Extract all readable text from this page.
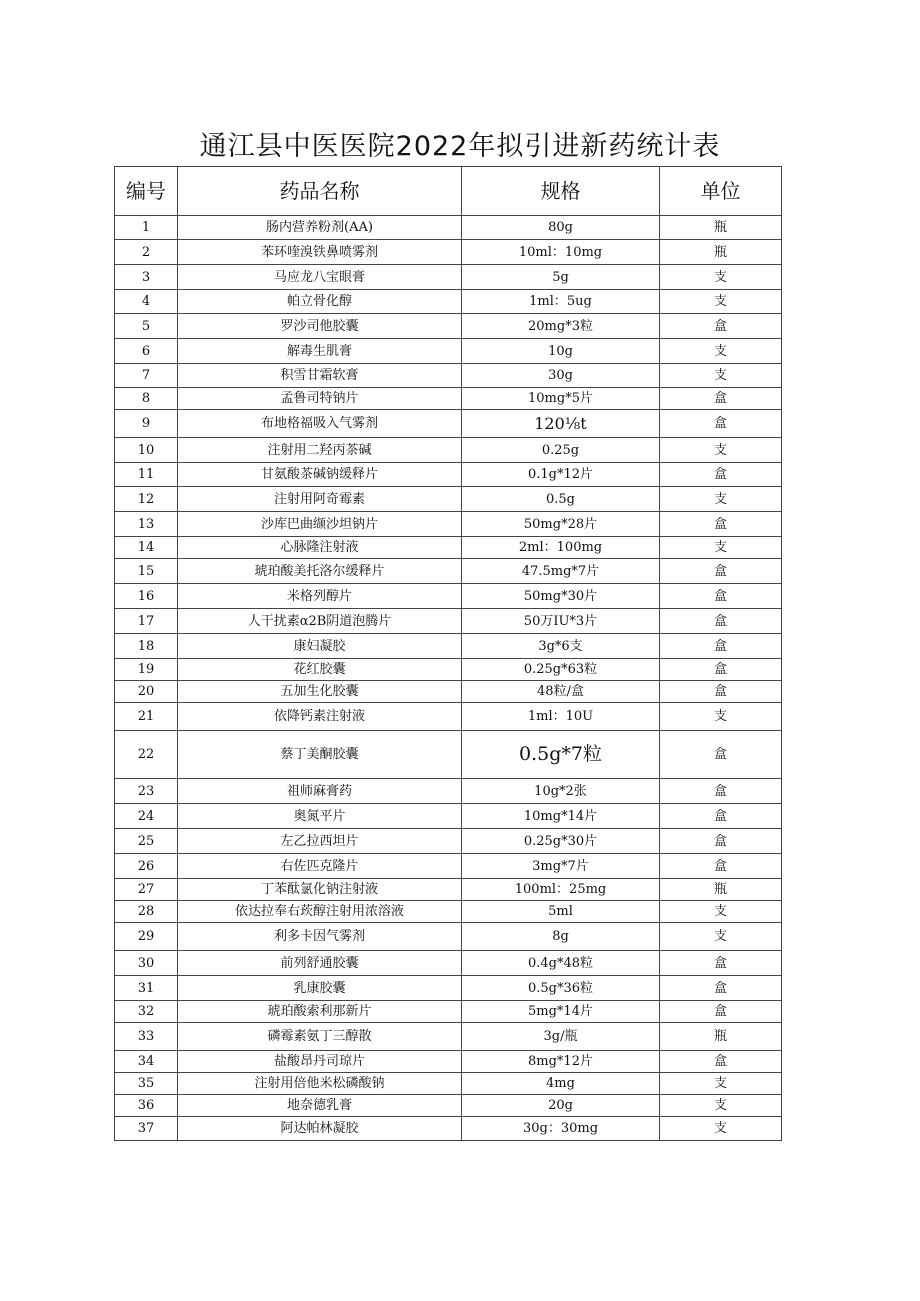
通江县中医医院2022年拟引进新药统计表
编号	药品名称	规格	单位
1	肠内营养粉剂(AA)	80g	瓶
2	苯环喹溴铁鼻喷雾剂	10ml：10mg	瓶
3	马应龙八宝眼膏	5g	支
4	帕立骨化醇	1ml：5ug	支
5	罗沙司他胶囊	20mg*3粒	盒
6	解毒生肌膏	10g	支
7	积雪甘霜软膏	30g	支
8	孟鲁司特钠片	10mg*5片	盒
9	布地格福吸入气雾剂	120⅛t	盒
10	注射用二羟丙茶碱	0.25g	支
11	甘氨酸茶碱钠缓释片	0.1g*12片	盒
12	注射用阿奇霉素	0.5g	支
13	沙库巴曲缬沙坦钠片	50mg*28片	盒
14	心脉隆注射液	2ml：100mg	支
15	琥珀酸美托洛尔缓释片	47.5mg*7片	盒
16	米格列醇片	50mg*30片	盒
17	人干扰素α2B阴道泡腾片	50万IU*3片	盒
18	康妇凝胶	3g*6支	盒
19	花红胶囊	0.25g*63粒	盒
20	五加生化胶囊	48粒/盒	盒
21	依降钙素注射液	1ml：10U	支
22	蔡丁美酮胶囊	0.5g*7粒	盒
23	祖师麻膏药	10g*2张	盒
24	奥氮平片	10mg*14片	盒
25	左乙拉西坦片	0.25g*30片	盒
26	右佐匹克隆片	3mg*7片	盒
27	丁苯酞氯化钠注射液	100ml：25mg	瓶
28	依达拉奉右莰醇注射用浓溶液	5ml	支
29	利多卡因气雾剂	8g	支
30	前列舒通胶囊	0.4g*48粒	盒
31	乳康胶囊	0.5g*36粒	盒
32	琥珀酸索利那新片	5mg*14片	盒
33	磷霉素氨丁三醇散	3g/瓶	瓶
34	盐酸昂丹司琼片	8mg*12片	盒
35	注射用倍他米松磷酸钠	4mg	支
36	地奈德乳膏	20g	支
37	阿达帕林凝胶	30g：30mg	支
